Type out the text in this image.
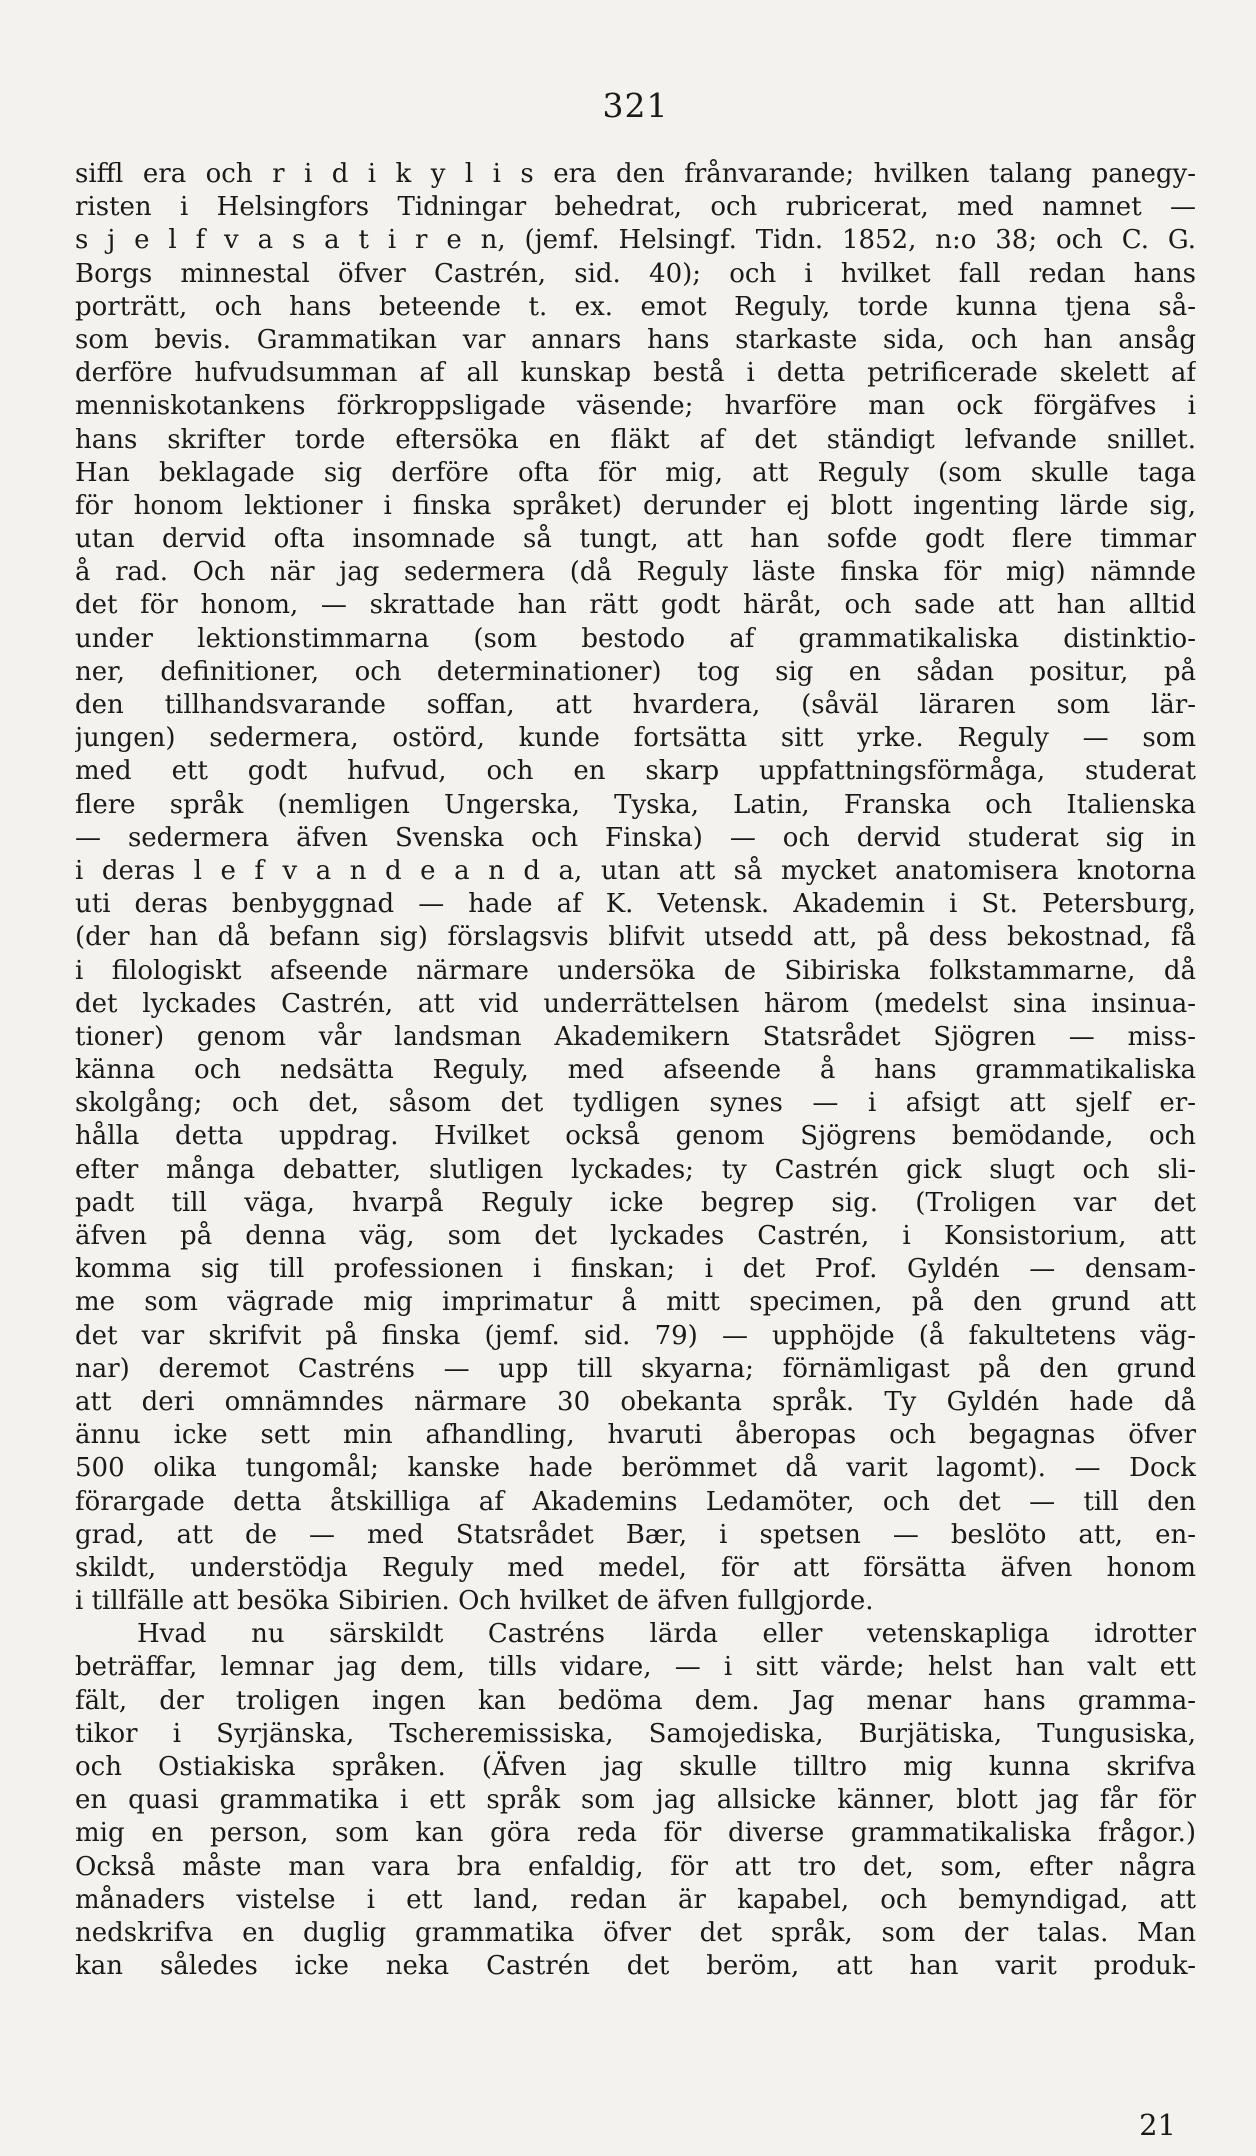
321
siffl era och r i d i k y l i s era den frånvarande; hvilken talang panegy-
risten i Helsingfors Tidningar behedrat, och rubricerat, med namnet —
s j e l f v a s a t i r e n, (jemf. Helsingf. Tidn. 1852, n:o 38; och C. G.
Borgs minnestal öfver Castrén, sid. 40); och i hvilket fall redan hans
porträtt, och hans beteende t. ex. emot Reguly, torde kunna tjena så-
som bevis. Grammatikan var annars hans starkaste sida, och han ansåg
derföre hufvudsumman af all kunskap bestå i detta petrificerade skelett af
menniskotankens förkroppsligade väsende; hvarföre man ock förgäfves i
hans skrifter torde eftersöka en fläkt af det ständigt lefvande snillet.
Han beklagade sig derföre ofta för mig, att Reguly (som skulle taga
för honom lektioner i finska språket) derunder ej blott ingenting lärde sig,
utan dervid ofta insomnade så tungt, att han sofde godt flere timmar
å rad. Och när jag sedermera (då Reguly läste finska för mig) nämnde
det för honom, — skrattade han rätt godt häråt, och sade att han alltid
under lektionstimmarna (som bestodo af grammatikaliska distinktio-
ner, definitioner, och determinationer) tog sig en sådan positur, på
den tillhandsvarande soffan, att hvardera, (såväl läraren som lär-
jungen) sedermera, ostörd, kunde fortsätta sitt yrke. Reguly — som
med ett godt hufvud, och en skarp uppfattningsförmåga, studerat
flere språk (nemligen Ungerska, Tyska, Latin, Franska och Italienska
— sedermera äfven Svenska och Finska) — och dervid studerat sig in
i deras l e f v a n d e a n d a, utan att så mycket anatomisera knotorna
uti deras benbyggnad — hade af K. Vetensk. Akademin i St. Petersburg,
(der han då befann sig) förslagsvis blifvit utsedd att, på dess bekostnad, få
i filologiskt afseende närmare undersöka de Sibiriska folkstammarne, då
det lyckades Castrén, att vid underrättelsen härom (medelst sina insinua-
tioner) genom vår landsman Akademikern Statsrådet Sjögren — miss-
känna och nedsätta Reguly, med afseende å hans grammatikaliska
skolgång; och det, såsom det tydligen synes — i afsigt att sjelf er-
hålla detta uppdrag. Hvilket också genom Sjögrens bemödande, och
efter många debatter, slutligen lyckades; ty Castrén gick slugt och sli-
padt till väga, hvarpå Reguly icke begrep sig. (Troligen var det
äfven på denna väg, som det lyckades Castrén, i Konsistorium, att
komma sig till professionen i finskan; i det Prof. Gyldén — densam-
me som vägrade mig imprimatur å mitt specimen, på den grund att
det var skrifvit på finska (jemf. sid. 79) — upphöjde (å fakultetens väg-
nar) deremot Castréns — upp till skyarna; förnämligast på den grund
att deri omnämndes närmare 30 obekanta språk. Ty Gyldén hade då
ännu icke sett min afhandling, hvaruti åberopas och begagnas öfver
500 olika tungomål; kanske hade berömmet då varit lagomt). — Dock
förargade detta åtskilliga af Akademins Ledamöter, och det — till den
grad, att de — med Statsrådet Bær, i spetsen — beslöto att, en-
skildt, understödja Reguly med medel, för att försätta äfven honom
i tillfälle att besöka Sibirien. Och hvilket de äfven fullgjorde.
Hvad nu särskildt Castréns lärda eller vetenskapliga idrotter
beträffar, lemnar jag dem, tills vidare, — i sitt värde; helst han valt ett
fält, der troligen ingen kan bedöma dem. Jag menar hans gramma-
tikor i Syrjänska, Tscheremissiska, Samojediska, Burjätiska, Tungusiska,
och Ostiakiska språken. (Äfven jag skulle tilltro mig kunna skrifva
en quasi grammatika i ett språk som jag allsicke känner, blott jag får för
mig en person, som kan göra reda för diverse grammatikaliska frågor.)
Också måste man vara bra enfaldig, för att tro det, som, efter några
månaders vistelse i ett land, redan är kapabel, och bemyndigad, att
nedskrifva en duglig grammatika öfver det språk, som der talas. Man
kan således icke neka Castrén det beröm, att han varit produk-
21
